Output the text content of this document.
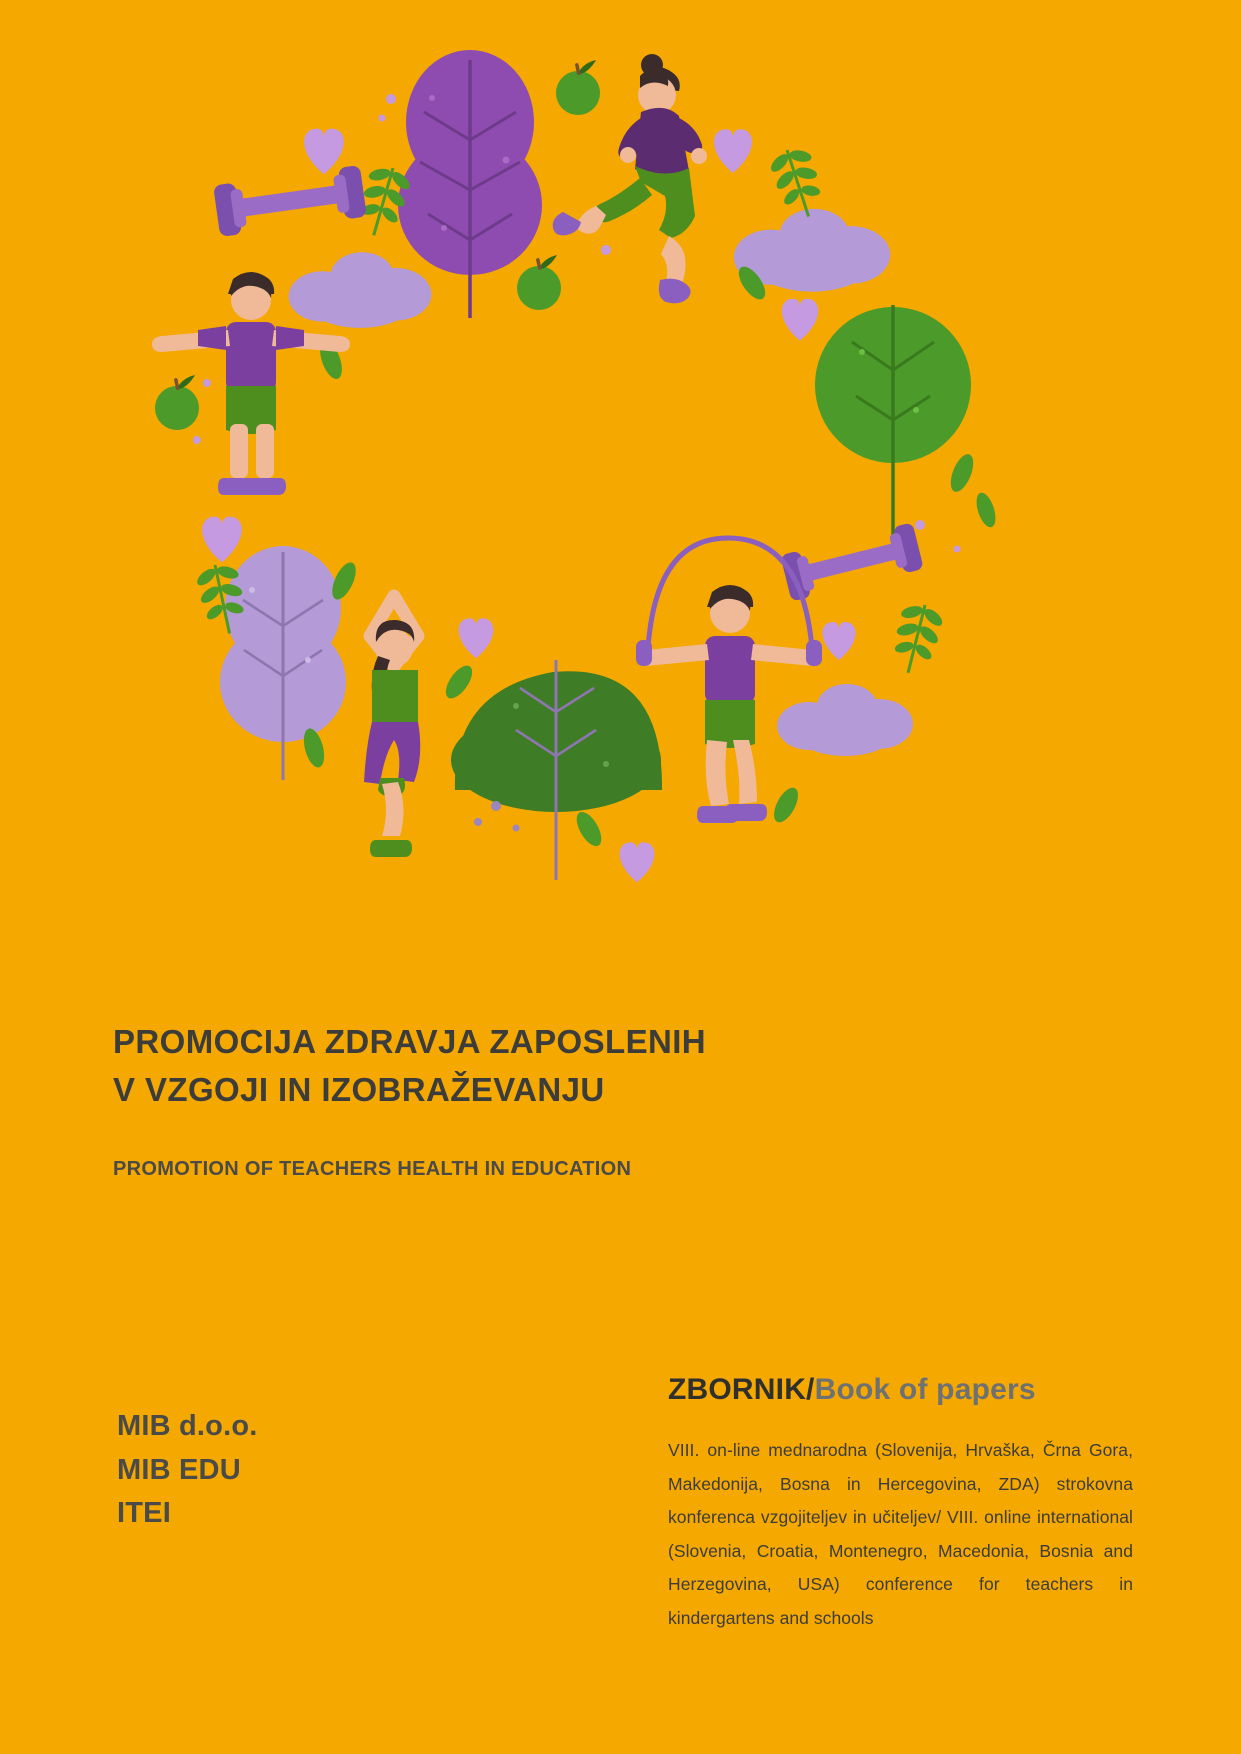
PROMOCIJA ZDRAVJA ZAPOSLENIH
V VZGOJI IN IZOBRAŽEVANJU
PROMOTION OF TEACHERS HEALTH IN EDUCATION
MIB d.o.o.
MIB EDU
ITEI
ZBORNIK/Book of papers
VIII. on-line mednarodna (Slovenija, Hrvaška, Črna Gora, Makedonija, Bosna in Hercegovina, ZDA) strokovna konferenca vzgojiteljev in učiteljev/ VIII. online international (Slovenia, Croatia, Montenegro, Macedonia, Bosnia and Herzegovina, USA) conference for teachers in kindergartens and schools
